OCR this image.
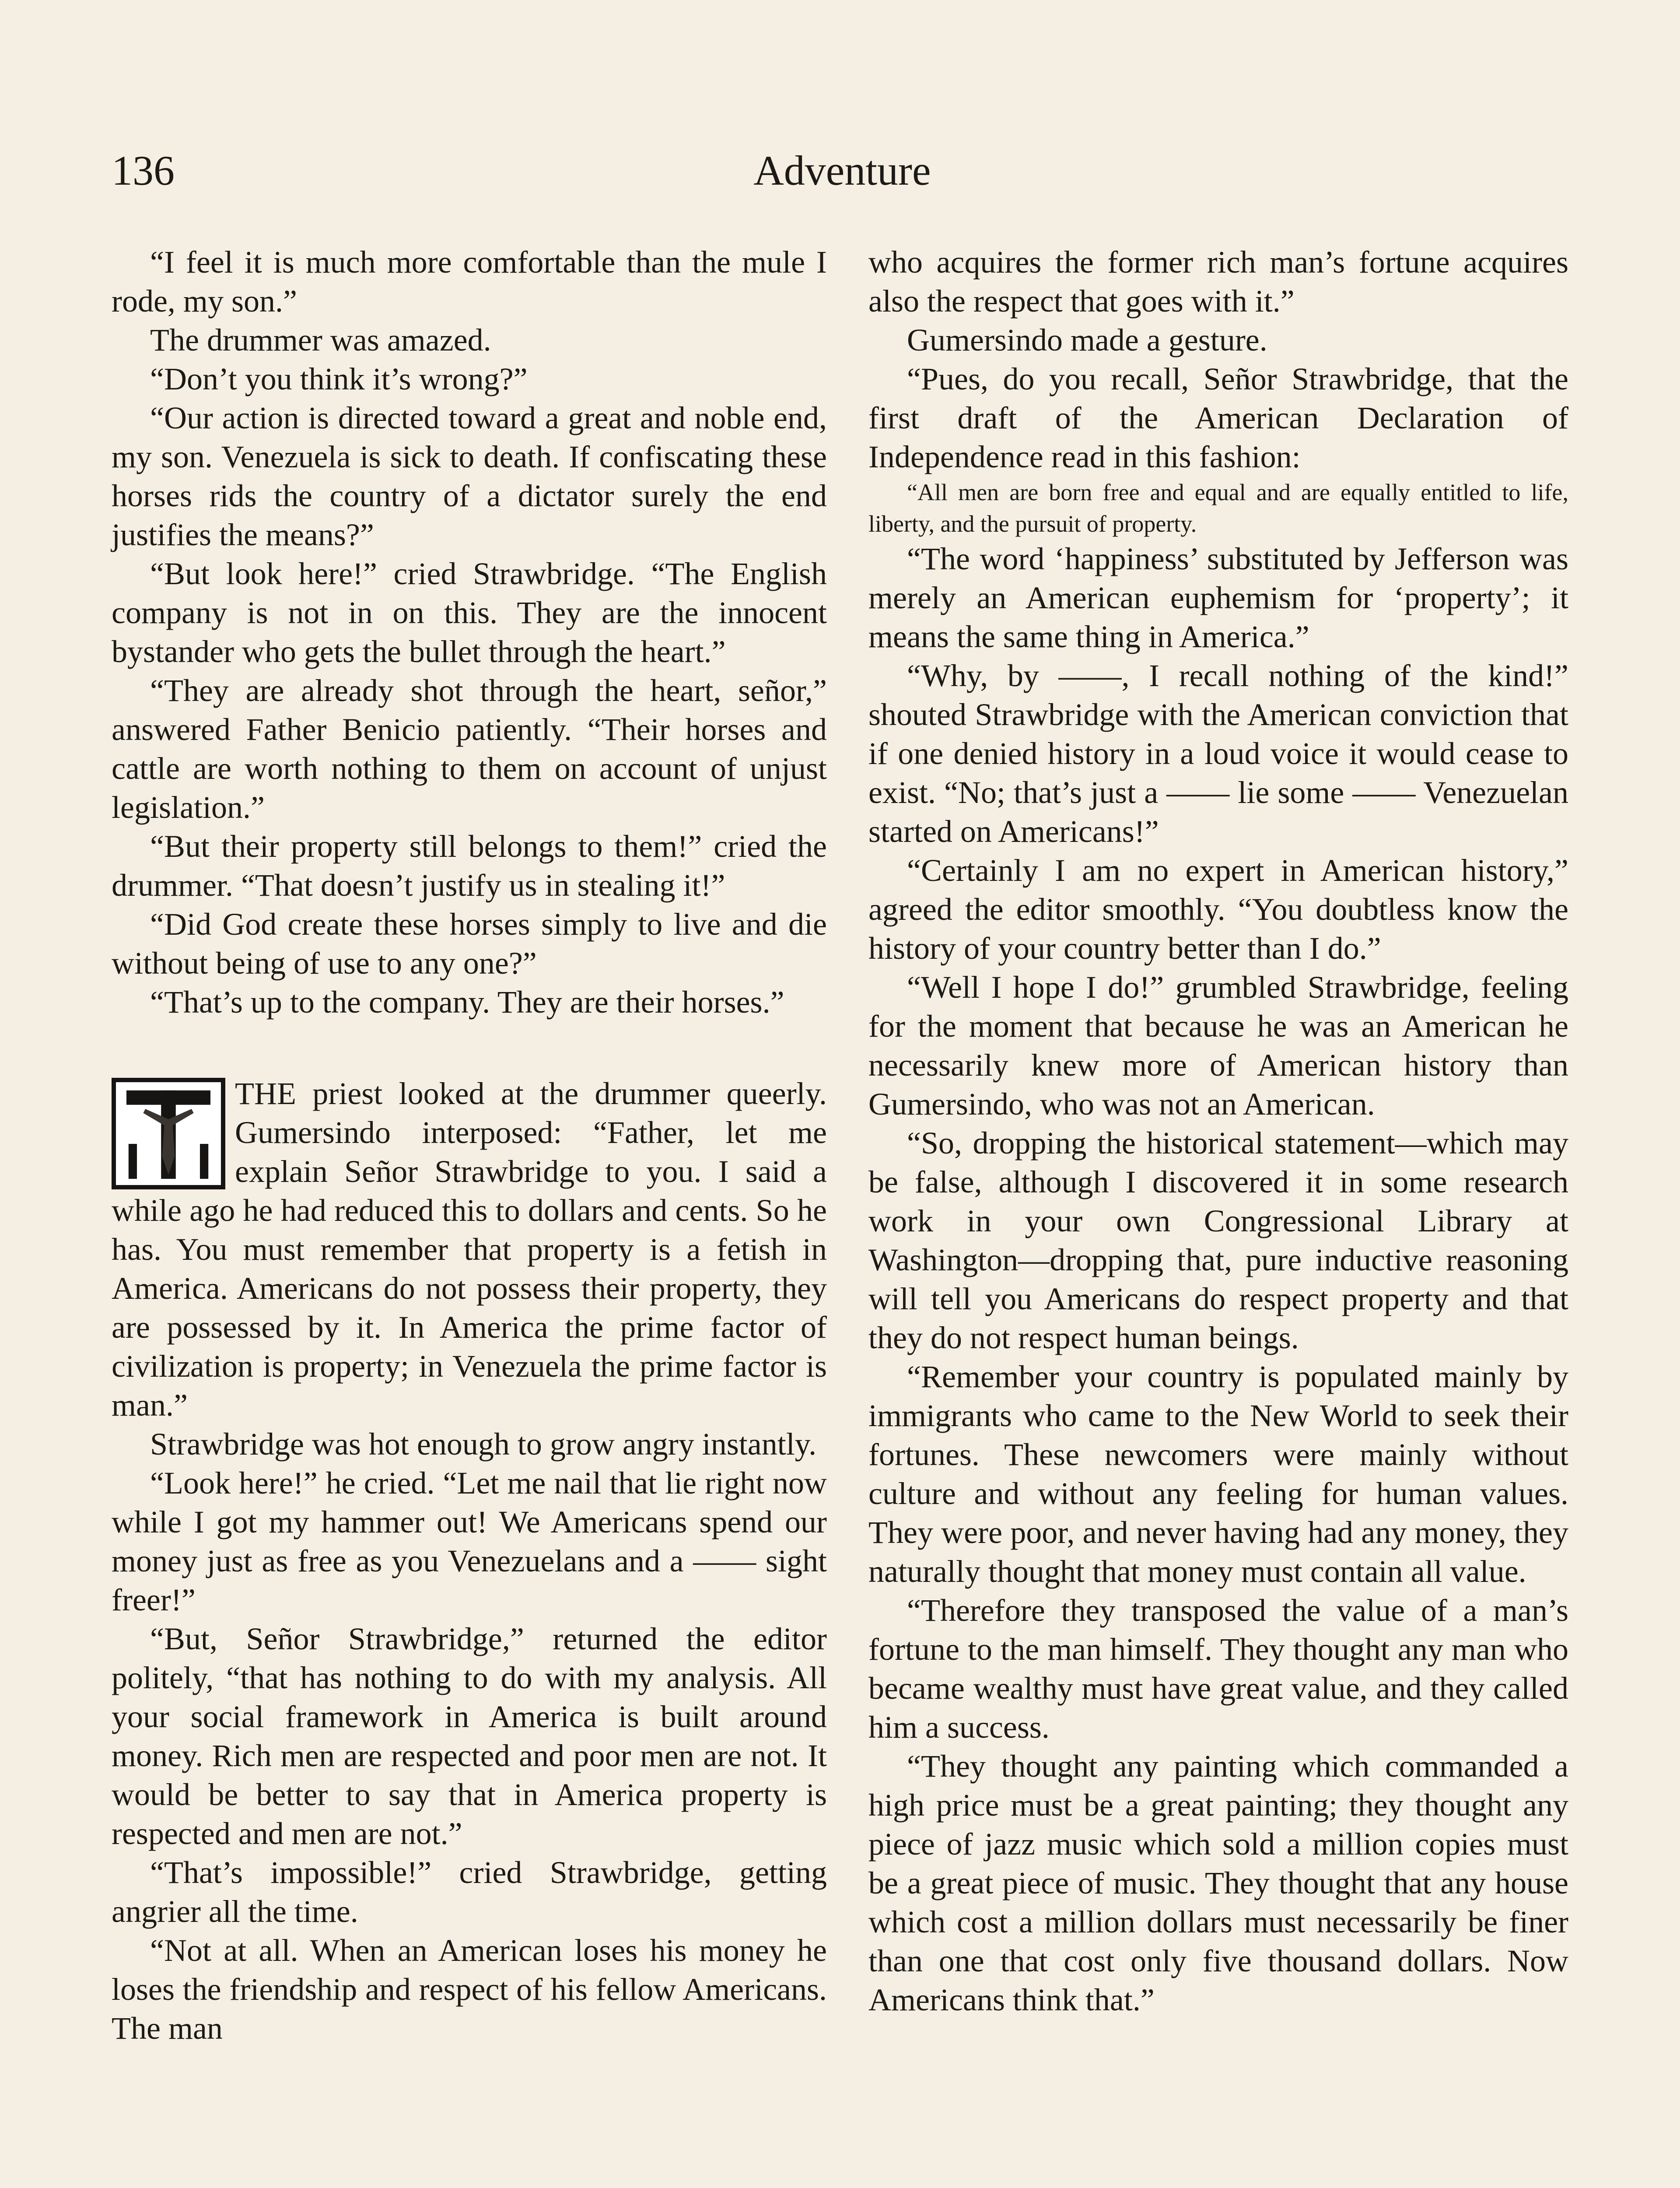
136	Adventure

“I feel it is much more comfortable than the mule I rode, my son.”

The drummer was amazed.

“Don’t you think it’s wrong?”

“Our action is directed toward a great and noble end, my son. Venezuela is sick to death. If confiscating these horses rids the country of a dictator surely the end justifies the means?”

“But look here!” cried Strawbridge. “The English company is not in on this. They are the innocent bystander who gets the bullet through the heart.”

“They are already shot through the heart, señor,” answered Father Benicio patiently. “Their horses and cattle are worth nothing to them on account of unjust legislation.”

“But their property still belongs to them!” cried the drummer. “That doesn’t justify us in stealing it!”

“Did God create these horses simply to live and die without being of use to any one?”

“That’s up to the company. They are their horses.”

THE priest looked at the drummer queerly. Gumersindo interposed: “Father, let me explain Señor Strawbridge to you. I said a while ago he had reduced this to dollars and cents. So he has. You must remember that property is a fetish in America. Americans do not possess their property, they are possessed by it. In America the prime factor of civilization is property; in Venezuela the prime factor is man.”

Strawbridge was hot enough to grow angry instantly.

“Look here!” he cried. “Let me nail that lie right now while I got my hammer out! We Americans spend our money just as free as you Venezuelans and a —— sight freer!”

“But, Señor Strawbridge,” returned the editor politely, “that has nothing to do with my analysis. All your social framework in America is built around money. Rich men are respected and poor men are not. It would be better to say that in America property is respected and men are not.”

“That’s impossible!” cried Strawbridge, getting angrier all the time.

“Not at all. When an American loses his money he loses the friendship and respect of his fellow Americans. The man

who acquires the former rich man’s fortune acquires also the respect that goes with it.”

Gumersindo made a gesture.

“Pues, do you recall, Señor Strawbridge, that the first draft of the American Declaration of Independence read in this fashion:

“All men are born free and equal and are equally entitled to life, liberty, and the pursuit of property.

“The word ‘happiness’ substituted by Jefferson was merely an American euphemism for ‘property’; it means the same thing in America.”

“Why, by ——, I recall nothing of the kind!” shouted Strawbridge with the American conviction that if one denied history in a loud voice it would cease to exist. “No; that’s just a —— lie some —— Venezuelan started on Americans!”

“Certainly I am no expert in American history,” agreed the editor smoothly. “You doubtless know the history of your country better than I do.”

“Well I hope I do!” grumbled Strawbridge, feeling for the moment that because he was an American he necessarily knew more of American history than Gumersindo, who was not an American.

“So, dropping the historical statement—which may be false, although I discovered it in some research work in your own Congressional Library at Washington—dropping that, pure inductive reasoning will tell you Americans do respect property and that they do not respect human beings.

“Remember your country is populated mainly by immigrants who came to the New World to seek their fortunes. These newcomers were mainly without culture and without any feeling for human values. They were poor, and never having had any money, they naturally thought that money must contain all value.

“Therefore they transposed the value of a man’s fortune to the man himself. They thought any man who became wealthy must have great value, and they called him a success.

“They thought any painting which commanded a high price must be a great painting; they thought any piece of jazz music which sold a million copies must be a great piece of music. They thought that any house which cost a million dollars must necessarily be finer than one that cost only five thousand dollars. Now Americans think that.”
